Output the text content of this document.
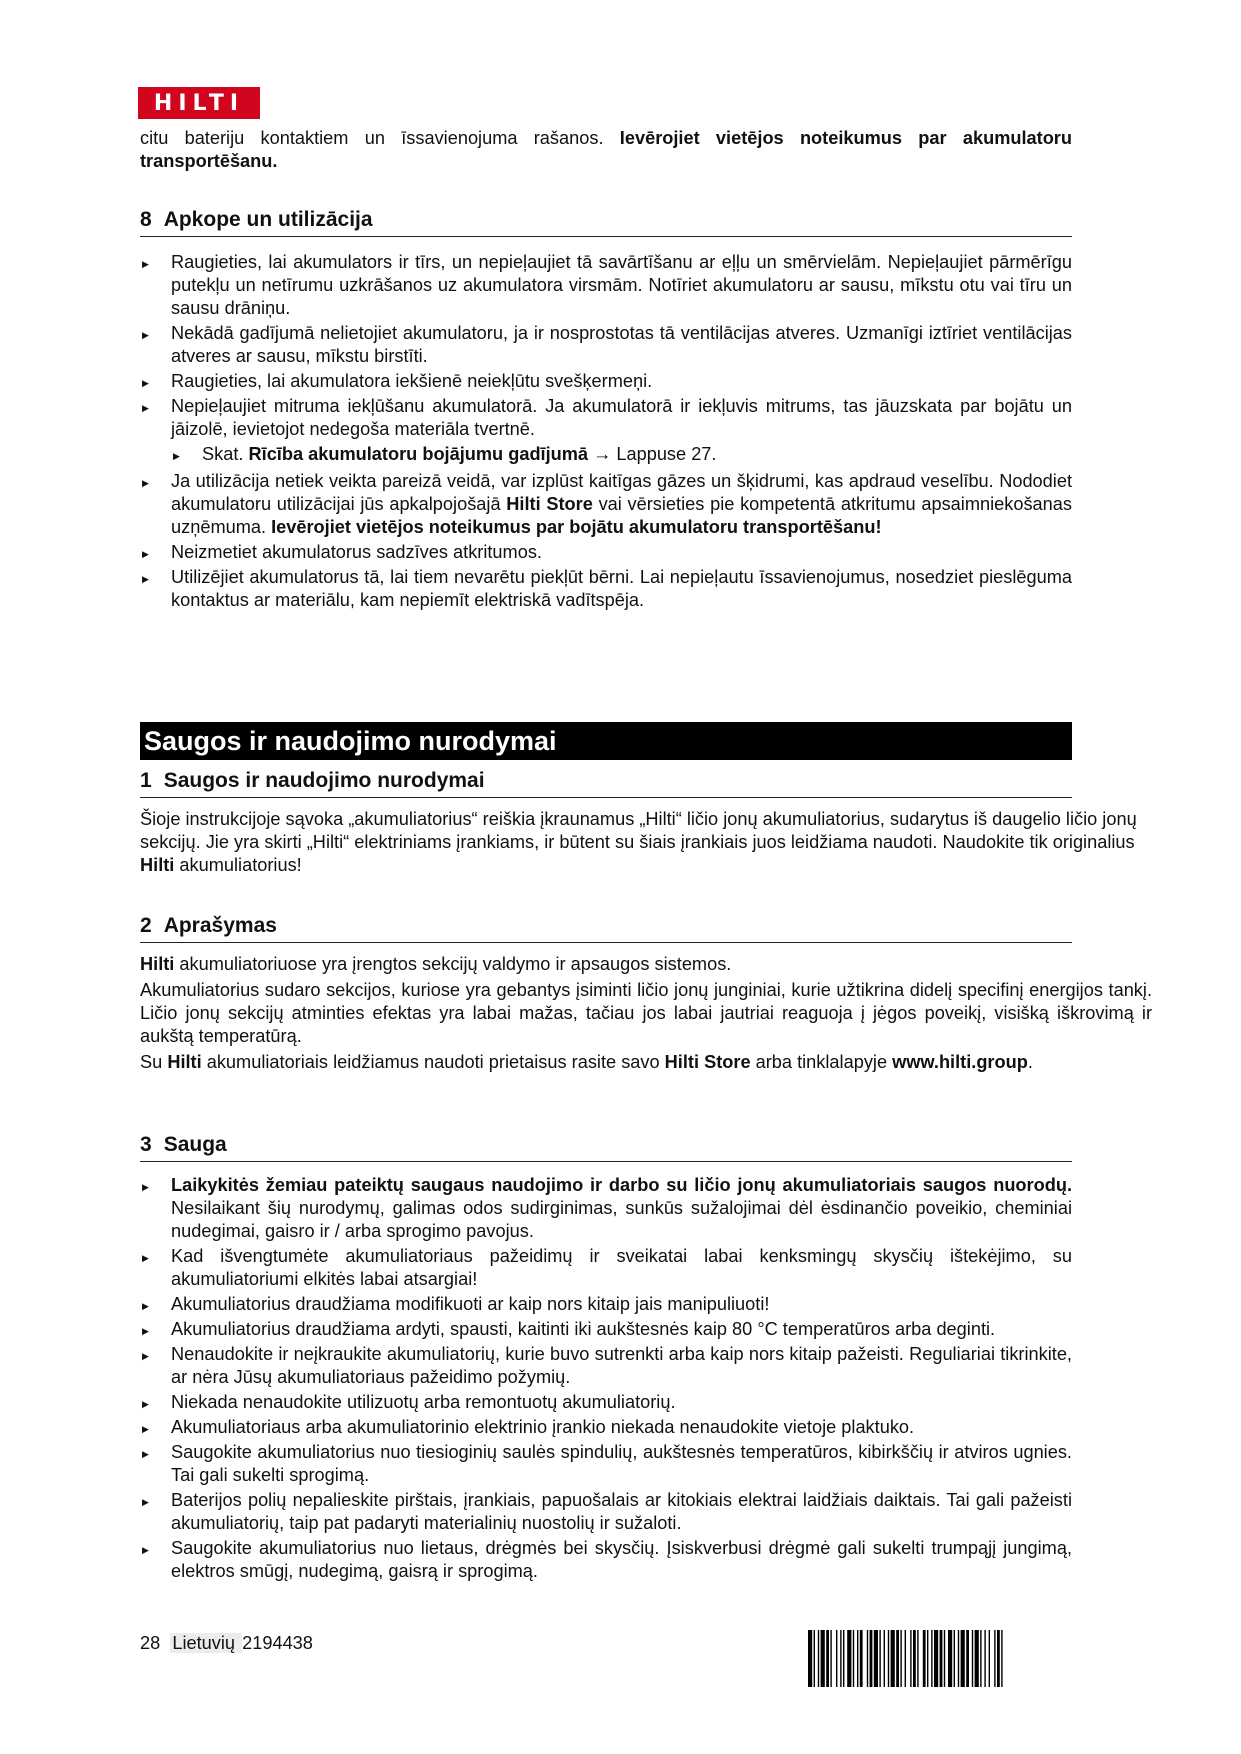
HILTI
citu bateriju kontaktiem un īssavienojuma rašanos. Ievērojiet vietējos noteikumus par akumulatoru transportēšanu.
8 Apkope un utilizācija
▶ Raugieties, lai akumulators ir tīrs, un nepieļaujiet tā savārtīšanu ar eļļu un smērvielām. Nepieļaujiet pārmērīgu putekļu un netīrumu uzkrāšanos uz akumulatora virsmām. Notīriet akumulatoru ar sausu, mīkstu otu vai tīru un sausu drāniņu.
▶ Nekādā gadījumā nelietojiet akumulatoru, ja ir nosprostotas tā ventilācijas atveres. Uzmanīgi iztīriet ventilācijas atveres ar sausu, mīkstu birstīti.
▶ Raugieties, lai akumulatora iekšienē neiekļūtu svešķermeņi.
▶ Nepieļaujiet mitruma iekļūšanu akumulatorā. Ja akumulatorā ir iekļuvis mitrums, tas jāuzskata par bojātu un jāizolē, ievietojot nedegoša materiāla tvertnē.
▶ Skat. Rīcība akumulatoru bojājumu gadījumā → Lappuse 27.
▶ Ja utilizācija netiek veikta pareizā veidā, var izplūst kaitīgas gāzes un šķidrumi, kas apdraud veselību. Nododiet akumulatoru utilizācijai jūs apkalpojošajā Hilti Store vai vērsieties pie kompetentā atkritumu apsaimniekošanas uzņēmuma. Ievērojiet vietējos noteikumus par bojātu akumulatoru transportēšanu!
▶ Neizmetiet akumulatorus sadzīves atkritumos.
▶ Utilizējiet akumulatorus tā, lai tiem nevarētu piekļūt bērni. Lai nepieļautu īssavienojumus, nosedziet pieslēguma kontaktus ar materiālu, kam nepiemīt elektriskā vadītspēja.
Saugos ir naudojimo nurodymai
1 Saugos ir naudojimo nurodymai
Šioje instrukcijoje sąvoka „akumuliatorius“ reiškia įkraunamus „Hilti“ ličio jonų akumuliatorius, sudarytus iš daugelio ličio jonų sekcijų. Jie yra skirti „Hilti“ elektriniams įrankiams, ir būtent su šiais įrankiais juos leidžiama naudoti. Naudokite tik originalius Hilti akumuliatorius!
2 Aprašymas
Hilti akumuliatoriuose yra įrengtos sekcijų valdymo ir apsaugos sistemos.
Akumuliatorius sudaro sekcijos, kuriose yra gebantys įsiminti ličio jonų junginiai, kurie užtikrina didelį specifinį energijos tankį. Ličio jonų sekcijų atminties efektas yra labai mažas, tačiau jos labai jautriai reaguoja į jėgos poveikį, visišką iškrovimą ir aukštą temperatūrą.
Su Hilti akumuliatoriais leidžiamus naudoti prietaisus rasite savo Hilti Store arba tinklalapyje www.hilti.group.
3 Sauga
▶ Laikykitės žemiau pateiktų saugaus naudojimo ir darbo su ličio jonų akumuliatoriais saugos nuorodų. Nesilaikant šių nurodymų, galimas odos sudirginimas, sunkūs sužalojimai dėl ėsdinančio poveikio, cheminiai nudegimai, gaisro ir / arba sprogimo pavojus.
▶ Kad išvengtumėte akumuliatoriaus pažeidimų ir sveikatai labai kenksmingų skysčių ištekėjimo, su akumuliatoriumi elkitės labai atsargiai!
▶ Akumuliatorius draudžiama modifikuoti ar kaip nors kitaip jais manipuliuoti!
▶ Akumuliatorius draudžiama ardyti, spausti, kaitinti iki aukštesnės kaip 80 °C temperatūros arba deginti.
▶ Nenaudokite ir neįkraukite akumuliatorių, kurie buvo sutrenkti arba kaip nors kitaip pažeisti. Reguliariai tikrinkite, ar nėra Jūsų akumuliatoriaus pažeidimo požymių.
▶ Niekada nenaudokite utilizuotų arba remontuotų akumuliatorių.
▶ Akumuliatoriaus arba akumuliatorinio elektrinio įrankio niekada nenaudokite vietoje plaktuko.
▶ Saugokite akumuliatorius nuo tiesioginių saulės spindulių, aukštesnės temperatūros, kibirkščių ir atviros ugnies. Tai gali sukelti sprogimą.
▶ Baterijos polių nepalieskite pirštais, įrankiais, papuošalais ar kitokiais elektrai laidžiais daiktais. Tai gali pažeisti akumuliatorių, taip pat padaryti materialinių nuostolių ir sužaloti.
▶ Saugokite akumuliatorius nuo lietaus, drėgmės bei skysčių. Įsiskverbusi drėgmė gali sukelti trumpąjį jungimą, elektros smūgį, nudegimą, gaisrą ir sprogimą.
28 Lietuvių 2194438
